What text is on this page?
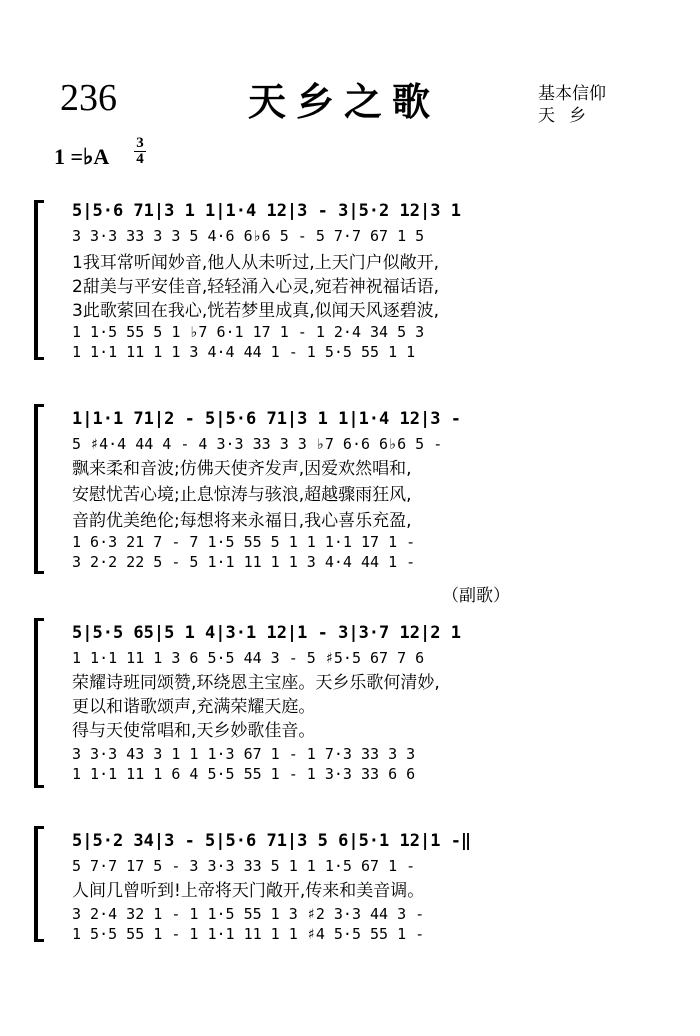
236	天乡之歌	基本信仰
天乡
1 =♭A
3
4
5|5·6 71|3 1 1|1·4 12|3 - 3|5·2 12|3 1
3 3·3 33 3 3 5 4·6 6♭6 5 - 5 7·7 67 1 5
1我耳常听闻妙音,他人从未听过,上天门户似敞开,
2甜美与平安佳音,轻轻涌入心灵,宛若神祝福话语,
3此歌萦回在我心,恍若梦里成真,似闻天风逐碧波,
1 1·5 55 5 1 ♭7 6·1 17 1 - 1 2·4 34 5 3
1 1·1 11 1 1 3 4·4 44 1 - 1 5·5 55 1 1
1|1·1 71|2 - 5|5·6 71|3 1 1|1·4 12|3 -
5 ♯4·4 44 4 - 4 3·3 33 3 3 ♭7 6·6 6♭6 5 -
飘来柔和音波;仿佛天使齐发声,因爱欢然唱和,
安慰忧苦心境;止息惊涛与骇浪,超越骤雨狂风,
音韵优美绝伦;每想将来永福日,我心喜乐充盈,
1 6·3 21 7 - 7 1·5 55 5 1 1 1·1 17 1 -
3 2·2 22 5 - 5 1·1 11 1 1 3 4·4 44 1 -
（副歌）
5|5·5 65|5 1 4|3·1 12|1 - 3|3·7 12|2 1
1 1·1 11 1 3 6 5·5 44 3 - 5 ♯5·5 67 7 6
荣耀诗班同颂赞,环绕恩主宝座。天乡乐歌何清妙,
更以和谐歌颂声,充满荣耀天庭。
得与天使常唱和,天乡妙歌佳音。
3 3·3 43 3 1 1 1·3 67 1 - 1 7·3 33 3 3
1 1·1 11 1 6 4 5·5 55 1 - 1 3·3 33 6 6
5|5·2 34|3 - 5|5·6 71|3 5 6|5·1 12|1 -‖
5 7·7 17 5 - 3 3·3 33 5 1 1 1·5 67 1 -
人间几曾听到!上帝将天门敞开,传来和美音调。
3 2·4 32 1 - 1 1·5 55 1 3 ♯2 3·3 44 3 -
1 5·5 55 1 - 1 1·1 11 1 1 ♯4 5·5 55 1 -
